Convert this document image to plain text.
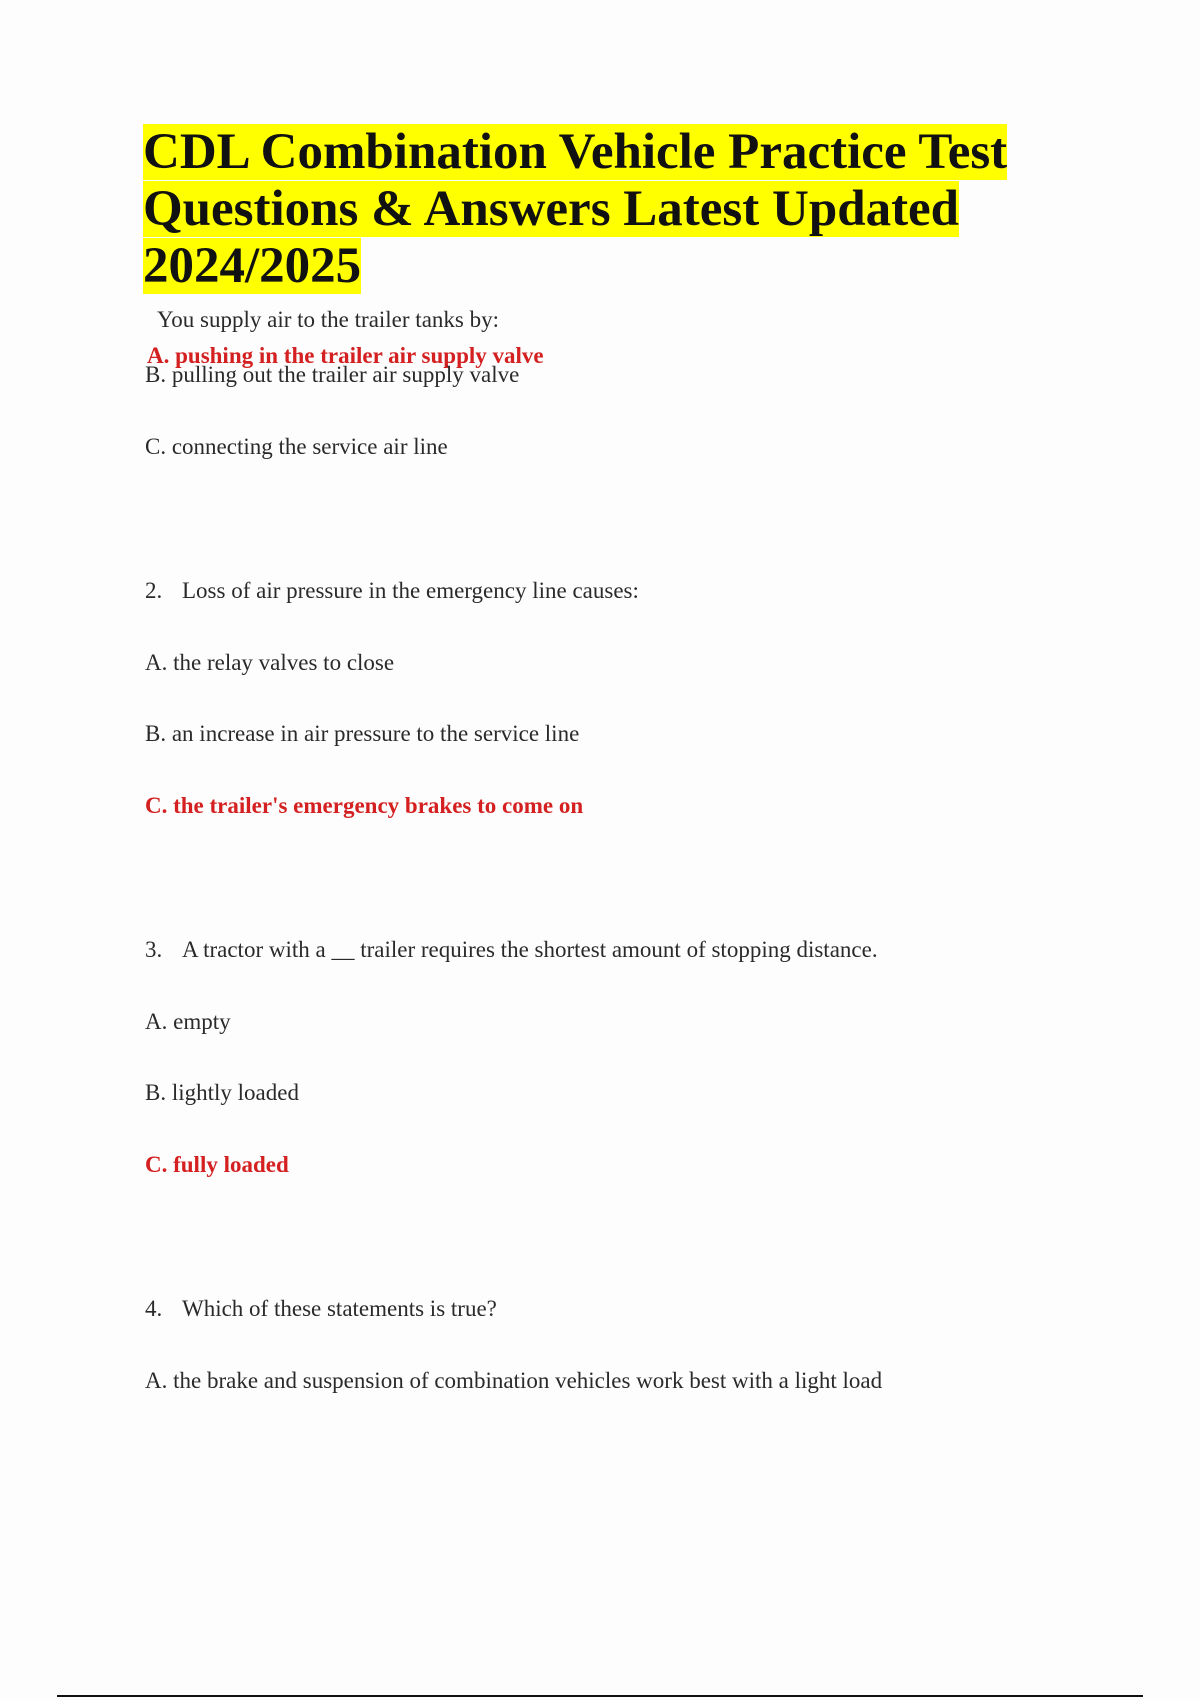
CDL Combination Vehicle Practice Test Questions & Answers Latest Updated 2024/2025

You supply air to the trailer tanks by:

A. pushing in the trailer air supply valve

B. pulling out the trailer air supply valve

C. connecting the service air line

2. Loss of air pressure in the emergency line causes:

A. the relay valves to close

B. an increase in air pressure to the service line

C. the trailer's emergency brakes to come on

3. A tractor with a __ trailer requires the shortest amount of stopping distance.

A. empty

B. lightly loaded

C. fully loaded

4. Which of these statements is true?

A. the brake and suspension of combination vehicles work best with a light load
